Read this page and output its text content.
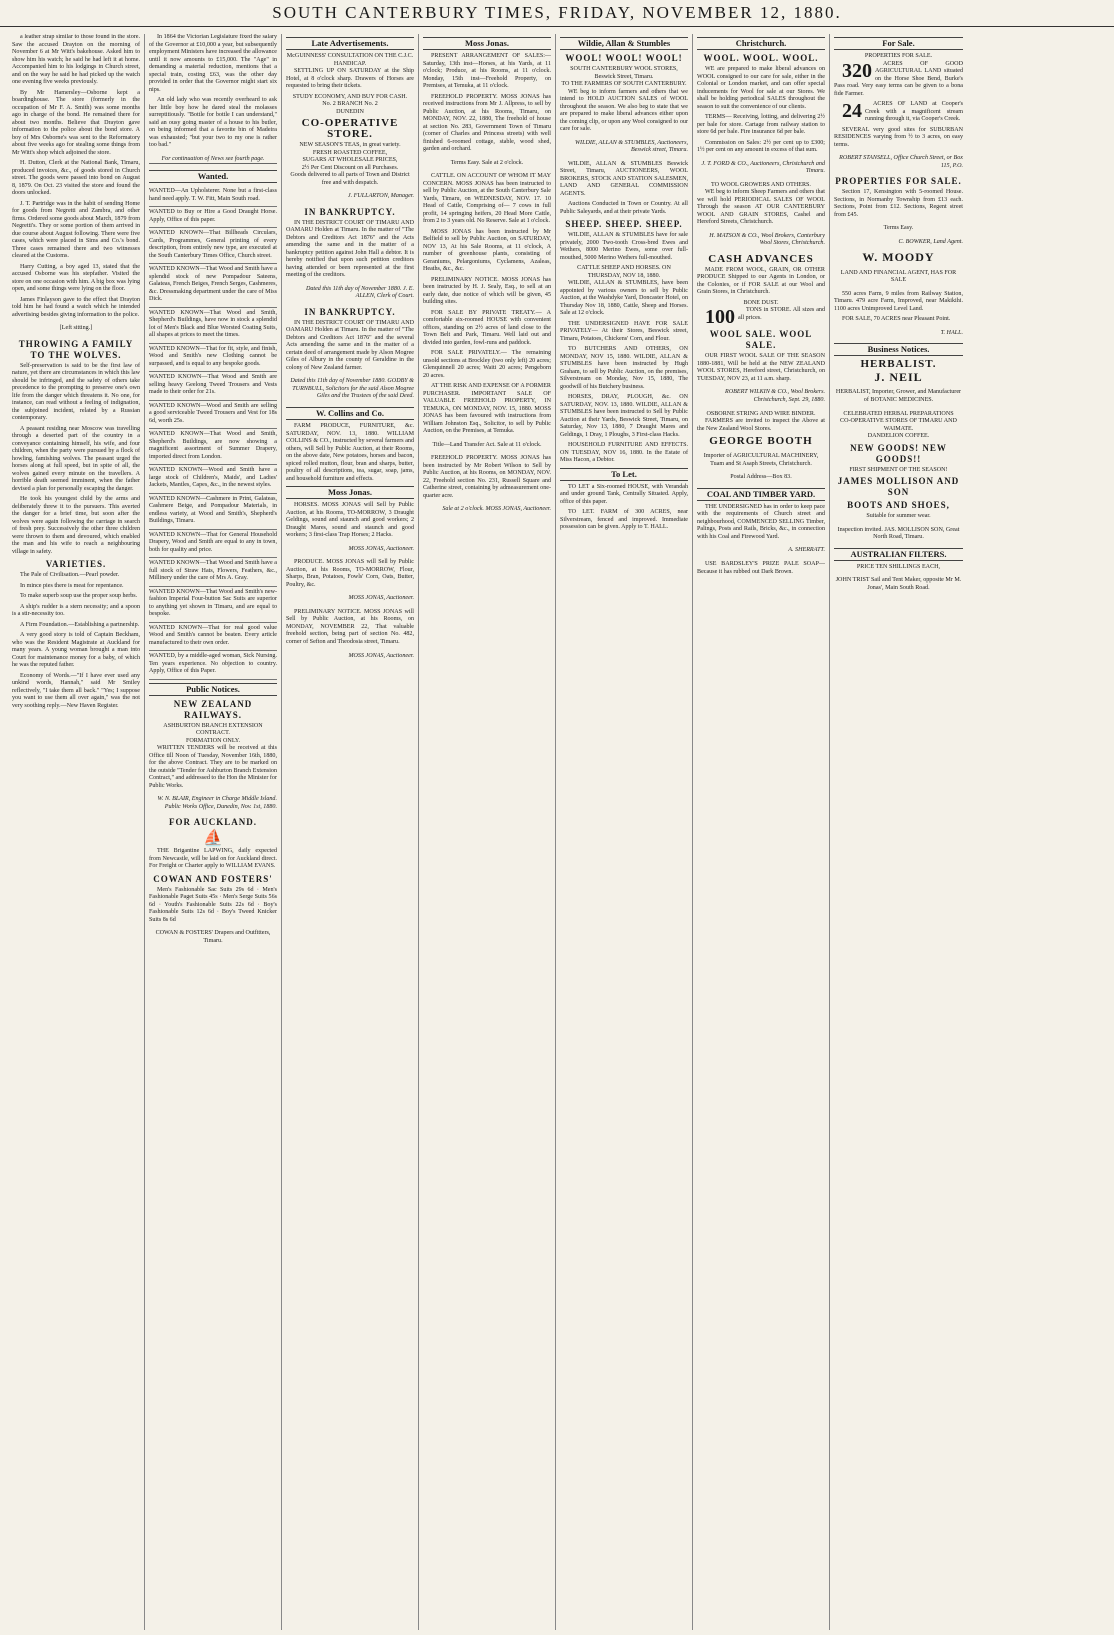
SOUTH CANTERBURY TIMES, FRIDAY, NOVEMBER 12, 1880.

a leather strap similar to those found in the store. Saw the accused Drayton on the morning of November 6 at Mr Witt's bakehouse. Asked him to show him his watch; he said he had left it at home. Accompanied him to his lodgings in Church street, and on the way he said he had picked up the watch one evening five weeks previously.

By Mr Hamersley—Osborne kept a boardinghouse. The store (formerly in the occupation of Mr F. A. Smith) was some months ago in charge of the bond. He remained there for about two months. Believe that Drayton gave information to the police about the bond store. A boy of Mrs Osborne's was sent to the Reformatory about five weeks ago for stealing some things from Mr Witt's shop which adjoined the store.

H. Dutton, Clerk at the National Bank, Timaru, produced invoices, &c., of goods stored in Church street. The goods were passed into bond on August 8, 1879. On Oct. 23 visited the store and found the doors unlocked.

J. T. Partridge was in the habit of sending Home for goods from Negretti and Zambra, and other firms. Ordered some goods about March, 1879 from Negretti's. They or some portion of them arrived in due course about August following. There were five cases, which were placed in Sims and Co.'s bond. Three cases remained there and two witnesses cleared at the Customs.

Harry Cutting, a boy aged 13, stated that the accused Osborne was his stepfather. Visited the store on one occasion with him. A big box was lying open, and some things were lying on the floor.

James Finlayson gave to the effect that Drayton told him he had found a watch which he intended advertising besides giving information to the police.

[Left sitting.]

THROWING A FAMILY TO THE WOLVES.

Self-preservation is said to be the first law of nature, yet there are circumstances in which this law should be infringed, and the safety of others take precedence to the prompting to preserve one's own life from the danger which threatens it. No one, for instance, can read without a feeling of indignation, the subjoined incident, related by a Russian contemporary.

A peasant residing near Moscow was travelling through a deserted part of the country in a conveyance containing himself, his wife, and four children, when the party were pursued by a flock of howling, famishing wolves. The peasant urged the horses along at full speed, but in spite of all, the wolves gained every minute on the travellers. A horrible death seemed imminent, when the father devised a plan for personally escaping the danger.

He took his youngest child by the arms and deliberately threw it to the pursuers. This averted the danger for a brief time, but soon after the wolves were again following the carriage in search of fresh prey. Successively the other three children were thrown to them and devoured, which enabled the man and his wife to reach a neighbouring village in safety.

VARIETIES.

The Pale of Civilisation.—Pearl powder.

In mince pies there is meat for repentance.

To make superb soup use the proper soup herbs.

A ship's rudder is a stern necessity; and a spoon is a stir-necessity too.

A Firm Foundation.—Establishing a partnership.

A very good story is told of Captain Beckham, who was the Resident Magistrate at Auckland for many years. A young woman brought a man into Court for maintenance money for a baby, of which he was the reputed father.

Economy of Words.—"If I have ever used any unkind words, Hannah," said Mr Smiley reflectively, "I take them all back." "Yes; I suppose you want to use them all over again," was the not very soothing reply.—New Haven Register.

In 1864 the Victorian Legislature fixed the salary of the Governor at £10,000 a year, but subsequently employment Ministers have increased the allowance until it now amounts to £15,000. The "Age" in demanding a material reduction, mentions that a special train, costing £63, was the other day provided in order that the Governor might start six nips.

An old lady who was recently overheard to ask her little boy how he dared steal the molasses surreptitiously. "Bottle for bottle I can understand," said an ousy going master of a house to his butler, on being informed that a favorite bin of Madeira was exhausted; "but your two to my one is rather too bad."

For continuation of News see fourth page.

Wanted.
WANTED—An Upholsterer. None but a first-class hand need apply. T. W. Fitt, Main South road.
WANTED to Buy or Hire a Good Draught Horse. Apply, Office of this paper.
WANTED KNOWN—That Billheads Circulars, Cards, Programmes, General printing of every description, from entirely new type, are executed at the South Canterbury Times Office, Church street.
WANTED KNOWN—That Wood and Smith have a splendid stock of new Pompadour Sateens, Galateas, French Beiges, French Serges, Cashmeres, &c. Dressmaking department under the care of Miss Dick.
WANTED KNOWN—That Wood and Smith, Shepherd's Buildings, have now in stock a splendid lot of Men's Black and Blue Worsted Coating Suits, all shapes at prices to meet the times.
WANTED KNOWN—That for fit, style, and finish, Wood and Smith's new Clothing cannot be surpassed, and is equal to any bespoke goods.
WANTED KNOWN—That Wood and Smith are selling heavy Geelong Tweed Trousers and Vests made to their order for 21s.
WANTED KNOWN—Wood and Smith are selling a good serviceable Tweed Trousers and Vest for 18s 6d, worth 25s.
WANTED KNOWN—That Wood and Smith, Shepherd's Buildings, are now showing a magnificent assortment of Summer Drapery, imported direct from London.
WANTED KNOWN—Wood and Smith have a large stock of Children's, Maids', and Ladies' Jackets, Mantles, Capes, &c., in the newest styles.
WANTED KNOWN—Cashmere in Print, Galateas, Cashmere Beige, and Pompadour Materials, in endless variety, at Wood and Smith's, Shepherd's Buildings, Timaru.
WANTED KNOWN—That for General Household Drapery, Wood and Smith are equal to any in town, both for quality and price.
WANTED KNOWN—That Wood and Smith have a full stock of Straw Hats, Flowers, Feathers, &c., Millinery under the care of Mrs A. Gray.
WANTED KNOWN—That Wood and Smith's new-fashion Imperial Four-button Sac Suits are superior to anything yet shown in Timaru, and are equal to bespoke.
WANTED KNOWN—That for real good value Wood and Smith's cannot be beaten. Every article manufactured to their own order.
WANTED, by a middle-aged woman, Sick Nursing. Ten years experience. No objection to country. Apply, Office of this Paper.
Public Notices.
NEW ZEALAND RAILWAYS.
ASHBURTON BRANCH EXTENSION CONTRACT.
FORMATION ONLY.

WRITTEN TENDERS will be received at this Office till Noon of Tuesday, November 16th, 1880, for the above Contract. They are to be marked on the outside "Tender for Ashburton Branch Extension Contract," and addressed to the Hon the Minister for Public Works.

W. N. BLAIR, Engineer in Charge Middle Island. Public Works Office, Dunedin, Nov. 1st, 1880.

FOR AUCKLAND.
⛵

THE Brigantine LAPWING, daily expected from Newcastle, will be laid on for Auckland direct. For Freight or Charter apply to WILLIAM EVANS.

COWAN AND FOSTERS'

Men's Fashionable Sac Suits 29s 6d · Men's Fashionable Paget Suits 45s · Men's Serge Suits 56s 6d · Youth's Fashionable Suits 22s 6d · Boy's Fashionable Suits 12s 6d · Boy's Tweed Knicker Suits 8s 6d

COWAN & FOSTERS' Drapers and Outfitters, Timaru.

Late Advertisements.
McGUINNESS' CONSULTATION ON THE C.J.C. HANDICAP.

SETTLING UP ON SATURDAY at the Ship Hotel, at 8 o'clock sharp. Drawers of Horses are requested to bring their tickets.

STUDY ECONOMY, AND BUY FOR CASH.
No. 2 BRANCH No. 2
DUNEDIN
CO-OPERATIVE STORE.
NEW SEASON'S TEAS, in great variety.
FRESH ROASTED COFFEE,
SUGARS AT WHOLESALE PRICES,
2½ Per Cent Discount on all Purchases.
Goods delivered to all parts of Town and District free and with despatch.

J. FULLARTON, Manager.

IN BANKRUPTCY.

IN THE DISTRICT COURT OF TIMARU AND OAMARU Holden at Timaru. In the matter of "The Debtors and Creditors Act 1876" and the Acts amending the same and in the matter of a bankruptcy petition against John Hall a debtor. It is hereby notified that upon such petition creditors having attended or been represented at the first meeting of the creditors.

Dated this 11th day of November 1880. J. E. ALLEN, Clerk of Court.

IN BANKRUPTCY.

IN THE DISTRICT COURT OF TIMARU AND OAMARU Holden at Timaru. In the matter of "The Debtors and Creditors Act 1876" and the several Acts amending the same and in the matter of a certain deed of arrangement made by Alson Mogree Giles of Albury in the county of Geraldine in the colony of New Zealand farmer.

Dated this 11th day of November 1880. GODBY & TURNBULL, Solicitors for the said Alson Mogree Giles and the Trustees of the said Deed.

W. Collins and Co.

FARM PRODUCE, FURNITURE, &c. SATURDAY, NOV. 13, 1880. WILLIAM COLLINS & CO., instructed by several farmers and others, will Sell by Public Auction, at their Rooms, on the above date, New potatoes, horses and bacon, spiced rolled mutton, flour, bran and sharps, butter, poultry of all descriptions, tea, sugar, soap, jams, and household furniture and effects.

Moss Jonas.

HORSES. MOSS JONAS will Sell by Public Auction, at his Rooms, TO-MORROW, 3 Draught Geldings, sound and staunch and good workers; 2 Draught Mares, sound and staunch and good workers; 3 first-class Trap Horses; 2 Hacks.

MOSS JONAS, Auctioneer.

PRODUCE. MOSS JONAS will Sell by Public Auction, at his Rooms, TO-MORROW, Flour, Sharps, Bran, Potatoes, Fowls' Corn, Oats, Butter, Poultry, &c.

MOSS JONAS, Auctioneer.

PRELIMINARY NOTICE. MOSS JONAS will Sell by Public Auction, at his Rooms, on MONDAY, NOVEMBER 22, That valuable freehold section, being part of section No. 482, corner of Sefton and Theodosia street, Timaru.

MOSS JONAS, Auctioneer.

Moss Jonas.

PRESENT ARRANGEMENT OF SALES:— Saturday, 13th inst—Horses, at his Yards, at 11 o'clock; Produce, at his Rooms, at 11 o'clock. Monday, 15th inst—Freehold Property, on Premises, at Temuka, at 11 o'clock.

FREEHOLD PROPERTY. MOSS JONAS has received instructions from Mr J. Allpress, to sell by Public Auction, at his Rooms, Timaru, on MONDAY, NOV. 22, 1880, The freehold of house at section No. 283, Government Town of Timaru (corner of Charles and Princess streets) with well finished 6-roomed cottage, stable, wood shed, garden and orchard.

Terms Easy. Sale at 2 o'clock.

CATTLE. ON ACCOUNT OF WHOM IT MAY CONCERN. MOSS JONAS has been instructed to sell by Public Auction, at the South Canterbury Sale Yards, Timaru, on WEDNESDAY, NOV. 17. 10 Head of Cattle, Comprising of— 7 cows in full profit, 14 springing heifers, 20 Head More Cattle, from 2 to 3 years old. No Reserve. Sale at 1 o'clock.

MOSS JONAS has been instructed by Mr Belfield to sell by Public Auction, on SATURDAY, NOV 13, At his Sale Rooms, at 11 o'clock, A number of greenhouse plants, consisting of Geraniums, Pelargoniums, Cyclamens, Azaleas, Heaths, &c., &c.

PRELIMINARY NOTICE. MOSS JONAS has been instructed by H. J. Sealy, Esq., to sell at an early date, due notice of which will be given, 45 building sites.

FOR SALE BY PRIVATE TREATY.— A comfortable six-roomed HOUSE with convenient offices, standing on 2½ acres of land close to the Town Belt and Park, Timaru. Well laid out and divided into garden, fowl-runs and paddock.

FOR SALE PRIVATELY.— The remaining unsold sections at Brockley (two only left) 20 acres; Glenquinnell 20 acres; Waiti 20 acres; Pengeborn 20 acres.

AT THE RISK AND EXPENSE OF A FORMER PURCHASER. IMPORTANT SALE OF VALUABLE FREEHOLD PROPERTY, IN TEMUKA, ON MONDAY, NOV. 15, 1880. MOSS JONAS has been favoured with instructions from William Johnston Esq., Solicitor, to sell by Public Auction, on the Premises, at Temuka.

Title—Land Transfer Act. Sale at 11 o'clock.

FREEHOLD PROPERTY. MOSS JONAS has been instructed by Mr Robert Wilson to Sell by Public Auction, at his Rooms, on MONDAY, NOV. 22, Freehold section No. 231, Russell Square and Catherine street, containing by admeasurement one-quarter acre.

Sale at 2 o'clock. MOSS JONAS, Auctioneer.

Wildie, Allan & Stumbles
WOOL! WOOL! WOOL!
SOUTH CANTERBURY WOOL STORES, Beswick Street, Timaru.
TO THE FARMERS OF SOUTH CANTERBURY.

WE beg to inform farmers and others that we intend to HOLD AUCTION SALES of WOOL throughout the season. We also beg to state that we are prepared to make liberal advances either upon the coming clip, or upon any Wool consigned to our care for sale.

WILDIE, ALLAN & STUMBLES, Auctioneers, Beswick street, Timaru.

WILDIE, ALLAN & STUMBLES Beswick Street, Timaru, AUCTIONEERS, WOOL BROKERS, STOCK AND STATION SALESMEN, LAND AND GENERAL COMMISSION AGENTS.

Auctions Conducted in Town or Country. At all Public Saleyards, and at their private Yards.

SHEEP. SHEEP. SHEEP.

WILDIE, ALLAN & STUMBLES have for sale privately, 2000 Two-tooth Cross-bred Ewes and Wethers, 8000 Merino Ewes, some over full-mouthed, 5000 Merino Wethers full-mouthed.

CATTLE SHEEP AND HORSES. ON THURSDAY, NOV 18, 1880.

WILDIE, ALLAN & STUMBLES, have been appointed by various owners to sell by Public Auction, at the Washdyke Yard, Doncaster Hotel, on Thursday Nov 18, 1880, Cattle, Sheep and Horses. Sale at 12 o'clock.

THE UNDERSIGNED HAVE FOR SALE PRIVATELY— At their Stores, Beswick street, Timaru, Potatoes, Chickens' Corn, and Flour.

TO BUTCHERS AND OTHERS, ON MONDAY, NOV 15, 1880. WILDIE, ALLAN & STUMBLES have been instructed by Hugh Graham, to sell by Public Auction, on the premises, Silverstream on Monday, Nov 15, 1880, The goodwill of his Butchery business.

HORSES, DRAY, PLOUGH, &c. ON SATURDAY, NOV. 13, 1880. WILDIE, ALLAN & STUMBLES have been instructed to Sell by Public Auction at their Yards, Beswick Street, Timaru, on Saturday, Nov 13, 1880, 7 Draught Mares and Geldings, 1 Dray, 1 Ploughs, 3 First-class Hacks.

HOUSEHOLD FURNITURE AND EFFECTS. ON TUESDAY, NOV 16, 1880. In the Estate of Miss Hacon, a Debtor.

To Let.

TO LET a Six-roomed HOUSE, with Verandah and under ground Tank, Centrally Situated. Apply, office of this paper.

TO LET. FARM of 300 ACRES, near Silverstream, fenced and improved. Immediate possession can be given. Apply to T. HALL.

Christchurch.
WOOL. WOOL. WOOL.

WE are prepared to make liberal advances on WOOL consigned to our care for sale, either in the Colonial or London market, and can offer special inducements for Wool for sale at our Stores. We shall be holding periodical SALES throughout the season to suit the convenience of our clients.

TERMS— Receiving, lotting, and delivering 2½ per bale for store. Cartage from railway station to store 6d per bale. Fire insurance 6d per bale.

Commission on Sales: 2½ per cent up to £300; 1½ per cent on any amount in excess of that sum.

J. T. FORD & CO., Auctioneers, Christchurch and Timaru.

TO WOOL GROWERS AND OTHERS.

WE beg to inform Sheep Farmers and others that we will hold PERIODICAL SALES OF WOOL Through the season AT OUR CANTERBURY WOOL AND GRAIN STORES, Cashel and Hereford Streets, Christchurch.

H. MATSON & CO., Wool Brokers, Canterbury Wool Stores, Christchurch.

CASH ADVANCES

MADE FROM WOOL, GRAIN, OR OTHER PRODUCE Shipped to our Agents in London, or the Colonies, or if FOR SALE at our Wool and Grain Stores, in Christchurch.

BONE DUST.

100 TONS in STORE. All sizes and all prices.

WOOL SALE. WOOL SALE.

OUR FIRST WOOL SALE OF THE SEASON 1880-1881, Will be held at the NEW ZEALAND WOOL STORES, Hereford street, Christchurch, on TUESDAY, NOV 23, at 11 a.m. sharp.

ROBERT WILKIN & CO., Wool Brokers. Christchurch, Sept. 29, 1880.

OSBORNE STRING AND WIRE BINDER.

FARMERS are invited to inspect the Above at the New Zealand Wool Stores.

GEORGE BOOTH

Importer of AGRICULTURAL MACHINERY, Tuam and St Asaph Streets, Christchurch.

Postal Address—Box 83.

COAL AND TIMBER YARD.

THE UNDERSIGNED has in order to keep pace with the requirements of Church street and neighbourhood, COMMENCED SELLING Timber, Palings, Posts and Rails, Bricks, &c., in connection with his Coal and Firewood Yard.

A. SHERRATT.

USE BARDSLEY'S PRIZE PALE SOAP—Because it has rubbed out Dark Brown.

For Sale.
PROPERTIES FOR SALE.

320 ACRES OF GOOD AGRICULTURAL LAND situated on the Horse Shoe Bend, Burke's Pass road. Very easy terms can be given to a bona fide Farmer.

24 ACRES OF LAND at Cooper's Creek with a magnificent stream running through it, via Cooper's Creek.

SEVERAL very good sites for SUBURBAN RESIDENCES varying from ½ to 3 acres, on easy terms.

ROBERT STANSELL, Office Church Street, or Box 115, P.O.

PROPERTIES FOR SALE.

Section 17, Kensington with 5-roomed House. Sections, in Normanby Township from £13 each. Sections, Point from £12. Sections, Regent street from £45.

Terms Easy.

C. BOWKER, Land Agent.

W. MOODY

LAND AND FINANCIAL AGENT, HAS FOR SALE

550 acres Farm, 9 miles from Railway Station, Timaru. 479 acre Farm, Improved, near Makikihi. 1100 acres Unimproved Level Land.

FOR SALE, 70 ACRES near Pleasant Point.

T. HALL.

Business Notices.
HERBALIST.
J. NEIL

HERBALIST, Importer, Grower, and Manufacturer of BOTANIC MEDICINES.

CELEBRATED HERBAL PREPARATIONS
CO-OPERATIVE STORES OF TIMARU AND WAIMATE.
DANDELION COFFEE.
NEW GOODS! NEW GOODS!!
FIRST SHIPMENT OF THE SEASON!
JAMES MOLLISON AND SON
BOOTS AND SHOES,
Suitable for summer wear.

Inspection invited. JAS. MOLLISON SON, Great North Road, Timaru.

AUSTRALIAN FILTERS.
PRICE TEN SHILLINGS EACH,

JOHN TRIST Sail and Tent Maker, opposite Mr M. Jonas', Main South Road.
